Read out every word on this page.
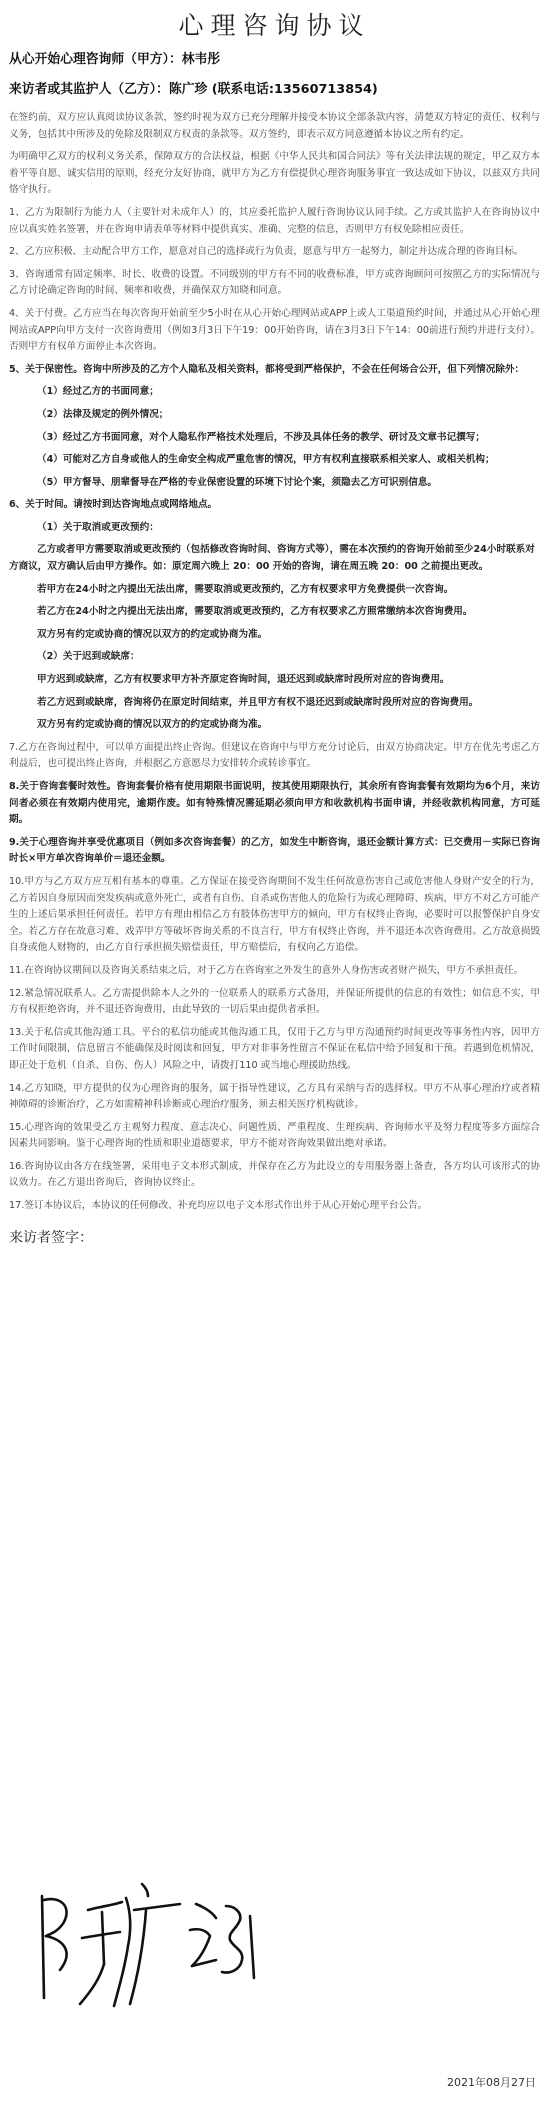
心理咨询协议
从心开始心理咨询师（甲方）：林韦彤
来访者或其监护人（乙方）：陈广珍 (联系电话:13560713854)

在签约前，双方应认真阅读协议条款，签约时视为双方已充分理解并接受本协议全部条款内容，清楚双方特定的责任、权利与义务，包括其中所涉及的免除及限制双方权责的条款等。双方签约，即表示双方同意遵循本协议之所有约定。

为明确甲乙双方的权利义务关系，保障双方的合法权益，根据《中华人民共和国合同法》等有关法律法规的规定，甲乙双方本着平等自愿、诚实信用的原则，经充分友好协商，就甲方为乙方有偿提供心理咨询服务事宜一致达成如下协议，以兹双方共同恪守执行。

1、乙方为限制行为能力人（主要针对未成年人）的，其应委托监护人履行咨询协议认同手续。乙方或其监护人在咨询协议中应以真实姓名签署，并在咨询申请表单等材料中提供真实、准确、完整的信息，否则甲方有权免除相应责任。

2、乙方应积极、主动配合甲方工作，愿意对自己的选择或行为负责，愿意与甲方一起努力，制定并达成合理的咨询目标。

3、咨询通常有固定频率、时长、收费的设置。不同级别的甲方有不同的收费标准，甲方或咨询顾问可按照乙方的实际情况与乙方讨论确定咨询的时间、频率和收费，并确保双方知晓和同意。

4、关于付费。乙方应当在每次咨询开始前至少5小时在从心开始心理网站或APP上或人工渠道预约时间，并通过从心开始心理网站或APP向甲方支付一次咨询费用（例如3月3日下午19：00开始咨询，请在3月3日下午14：00前进行预约并进行支付）。否则甲方有权单方面停止本次咨询。

5、关于保密性。咨询中所涉及的乙方个人隐私及相关资料，都将受到严格保护，不会在任何场合公开，但下列情况除外：

（1）经过乙方的书面同意；

（2）法律及规定的例外情况；

（3）经过乙方书面同意，对个人隐私作严格技术处理后，不涉及具体任务的教学、研讨及文章书记撰写；

（4）可能对乙方自身或他人的生命安全构成严重危害的情况，甲方有权利直接联系相关家人、或相关机构；

（5）甲方督导、朋辈督导在严格的专业保密设置的环境下讨论个案，须隐去乙方可识别信息。

6、关于时间。请按时到达咨询地点或网络地点。

（1）关于取消或更改预约：

乙方或者甲方需要取消或更改预约（包括修改咨询时间、咨询方式等），需在本次预约的咨询开始前至少24小时联系对方商议，双方确认后由甲方操作。如：原定周六晚上 20：00 开始的咨询，请在周五晚 20：00 之前提出更改。

若甲方在24小时之内提出无法出席，需要取消或更改预约，乙方有权要求甲方免费提供一次咨询。

若乙方在24小时之内提出无法出席，需要取消或更改预约，乙方有权要求乙方照常缴纳本次咨询费用。

双方另有约定或协商的情况以双方的约定或协商为准。

（2）关于迟到或缺席：

甲方迟到或缺席，乙方有权要求甲方补齐原定咨询时间，退还迟到或缺席时段所对应的咨询费用。

若乙方迟到或缺席，咨询将仍在原定时间结束，并且甲方有权不退还迟到或缺席时段所对应的咨询费用。

双方另有约定或协商的情况以双方的约定或协商为准。

7.乙方在咨询过程中，可以单方面提出终止咨询。但建议在咨询中与甲方充分讨论后，由双方协商决定。甲方在优先考虑乙方利益后，也可提出终止咨询，并根据乙方意愿尽力安排转介或转诊事宜。

8.关于咨询套餐时效性。咨询套餐价格有使用期限书面说明，按其使用期限执行，其余所有咨询套餐有效期均为6个月，来访问者必须在有效期内使用完，逾期作废。如有特殊情况需延期必须向甲方和收款机构书面申请，并经收款机构同意，方可延期。

9.关于心理咨询并享受优惠项目（例如多次咨询套餐）的乙方，如发生中断咨询，退还金额计算方式：已交费用－实际已咨询时长×甲方单次咨询单价＝退还金额。

10.甲方与乙方双方应互相有基本的尊重。乙方保证在接受咨询期间不发生任何故意伤害自己或危害他人身财产安全的行为，乙方若因自身原因而突发疾病或意外死亡，或者有自伤、自杀或伤害他人的危险行为或心理障碍、疾病，甲方不对乙方可能产生的上述后果承担任何责任。若甲方有理由相信乙方有肢体伤害甲方的倾向，甲方有权终止咨询，必要时可以报警保护自身安全。若乙方存在故意习难、戏弄甲方等破坏咨询关系的不良言行，甲方有权终止咨询，并不退还本次咨询费用。乙方故意损毁自身或他人财物的，由乙方自行承担损失赔偿责任，甲方赔偿后，有权向乙方追偿。

11.在咨询协议期间以及咨询关系结束之后，对于乙方在咨询室之外发生的意外人身伤害或者财产损失，甲方不承担责任。

12.紧急情况联系人。乙方需提供除本人之外的一位联系人的联系方式备用，并保证所提供的信息的有效性；如信息不实，甲方有权拒绝咨询，并不退还咨询费用，由此导致的一切后果由提供者承担。

13.关于私信或其他沟通工具。平台的私信功能或其他沟通工具，仅用于乙方与甲方沟通预约时间更改等事务性内容，因甲方工作时间限制，信息留言不能确保及时阅读和回复，甲方对非事务性留言不保证在私信中给予回复和干预。若遇到危机情况，即正处于危机（自杀、自伤、伤人）风险之中，请拨打110 或当地心理援助热线。

14.乙方知晓，甲方提供的仅为心理咨询的服务，属于指导性建议，乙方具有采纳与否的选择权。甲方不从事心理治疗或者精神障碍的诊断治疗，乙方如需精神科诊断或心理治疗服务，须去相关医疗机构就诊。

15.心理咨询的效果受乙方主观努力程度、意志决心、问题性质、严重程度、生理疾病、咨询师水平及努力程度等多方面综合因素共同影响。鉴于心理咨询的性质和职业道德要求，甲方不能对咨询效果做出绝对承诺。

16.咨询协议由各方在线签署，采用电子文本形式制成，并保存在乙方为此设立的专用服务器上备查，各方均认可该形式的协议效力。在乙方退出咨询后，咨询协议终止。

17.签订本协议后，本协议的任何修改、补充均应以电子文本形式作出并于从心开始心理平台公告。

来访者签字：
2021年08月27日
